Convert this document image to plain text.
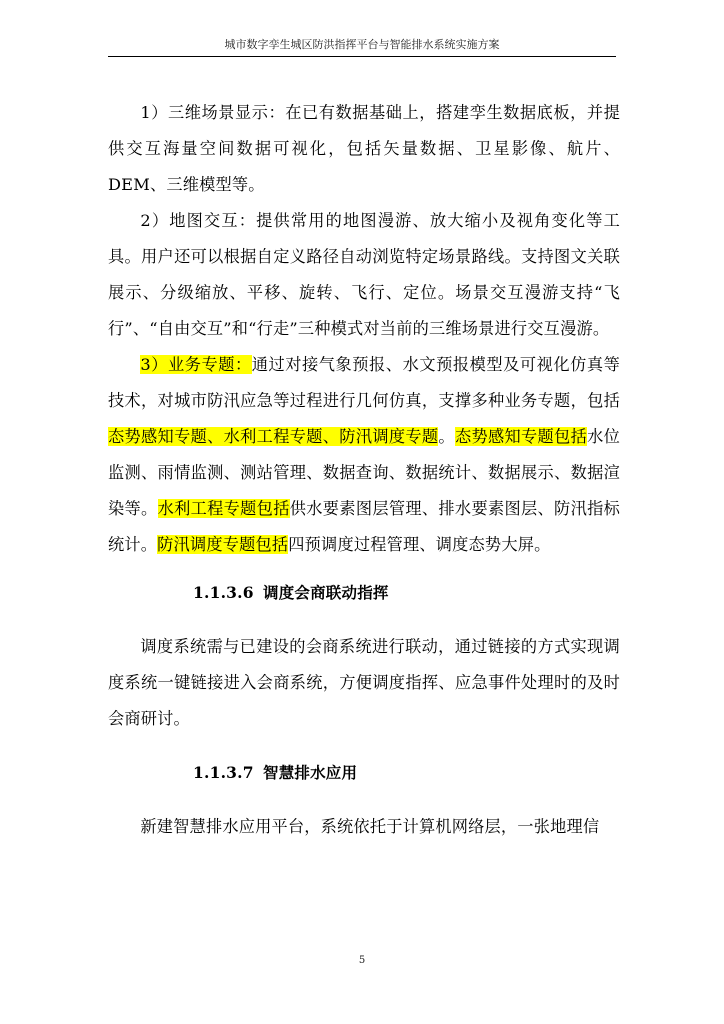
城市数字孪生城区防洪指挥平台与智能排水系统实施方案

1）三维场景显示：在已有数据基础上，搭建孪生数据底板，并提供交互海量空间数据可视化，包括矢量数据、卫星影像、航片、DEM、三维模型等。

2）地图交互：提供常用的地图漫游、放大缩小及视角变化等工具。用户还可以根据自定义路径自动浏览特定场景路线。支持图文关联展示、分级缩放、平移、旋转、飞行、定位。场景交互漫游支持“飞行”、“自由交互”和“行走”三种模式对当前的三维场景进行交互漫游。

3）业务专题：通过对接气象预报、水文预报模型及可视化仿真等技术，对城市防汛应急等过程进行几何仿真，支撑多种业务专题，包括态势感知专题、水利工程专题、防汛调度专题。态势感知专题包括水位监测、雨情监测、测站管理、数据查询、数据统计、数据展示、数据渲染等。水利工程专题包括供水要素图层管理、排水要素图层、防汛指标统计。防汛调度专题包括四预调度过程管理、调度态势大屏。

1.1.3.6 调度会商联动指挥

调度系统需与已建设的会商系统进行联动，通过链接的方式实现调度系统一键链接进入会商系统，方便调度指挥、应急事件处理时的及时会商研讨。

1.1.3.7 智慧排水应用

新建智慧排水应用平台，系统依托于计算机网络层，一张地理信

5
